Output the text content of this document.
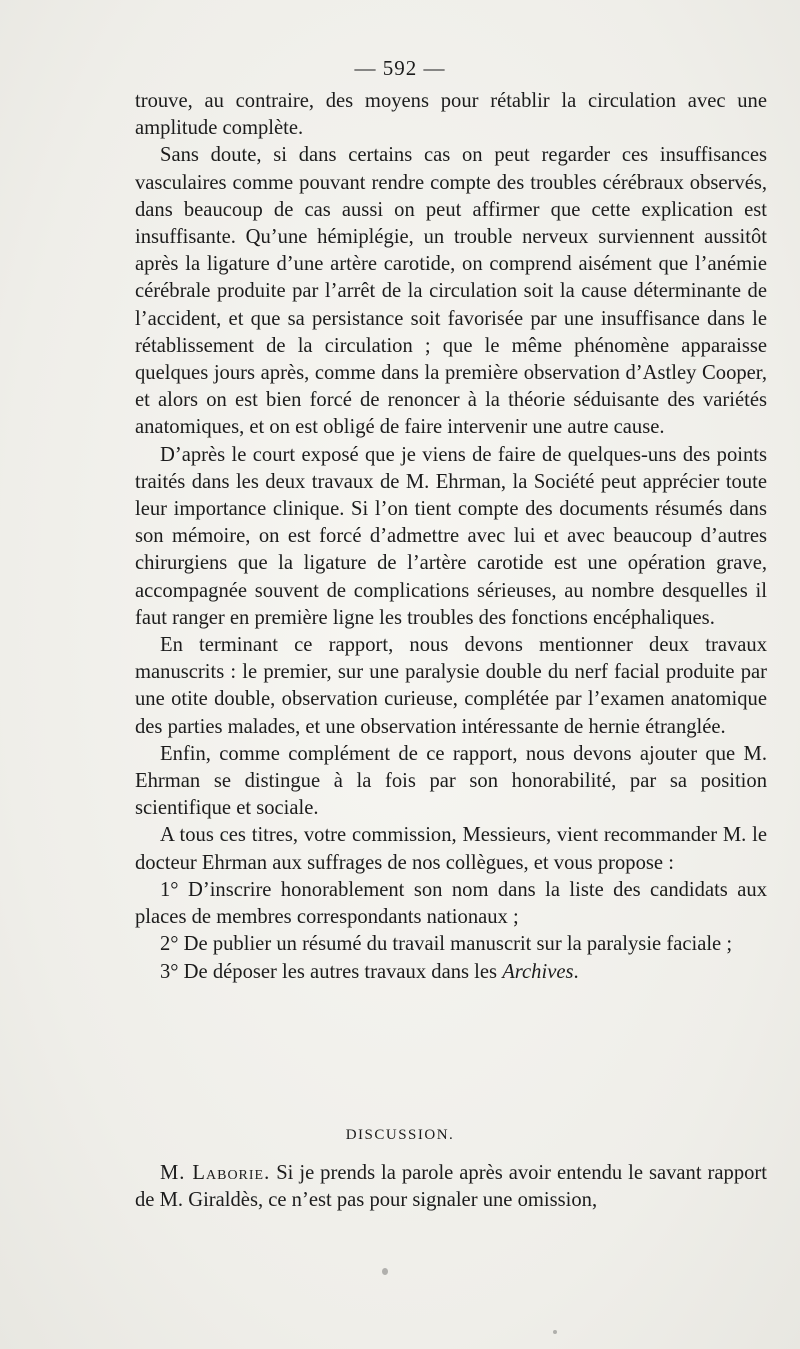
— 592 —

trouve, au contraire, des moyens pour rétablir la circulation avec une amplitude complète.

Sans doute, si dans certains cas on peut regarder ces insuffisances vasculaires comme pouvant rendre compte des troubles cérébraux observés, dans beaucoup de cas aussi on peut affirmer que cette explication est insuffisante. Qu’une hémiplégie, un trouble nerveux surviennent aussitôt après la ligature d’une artère carotide, on comprend aisément que l’anémie cérébrale produite par l’arrêt de la circulation soit la cause déterminante de l’accident, et que sa persistance soit favorisée par une insuffisance dans le rétablissement de la circulation ; que le même phénomène apparaisse quelques jours après, comme dans la première observation d’Astley Cooper, et alors on est bien forcé de renoncer à la théorie séduisante des variétés anatomiques, et on est obligé de faire intervenir une autre cause.

D’après le court exposé que je viens de faire de quelques-uns des points traités dans les deux travaux de M. Ehrman, la Société peut apprécier toute leur importance clinique. Si l’on tient compte des documents résumés dans son mémoire, on est forcé d’admettre avec lui et avec beaucoup d’autres chirurgiens que la ligature de l’artère carotide est une opération grave, accompagnée souvent de complications sérieuses, au nombre desquelles il faut ranger en première ligne les troubles des fonctions encéphaliques.

En terminant ce rapport, nous devons mentionner deux travaux manuscrits : le premier, sur une paralysie double du nerf facial produite par une otite double, observation curieuse, complétée par l’examen anatomique des parties malades, et une observation intéressante de hernie étranglée.

Enfin, comme complément de ce rapport, nous devons ajouter que M. Ehrman se distingue à la fois par son honorabilité, par sa position scientifique et sociale.

A tous ces titres, votre commission, Messieurs, vient recommander M. le docteur Ehrman aux suffrages de nos collègues, et vous propose :

1° D’inscrire honorablement son nom dans la liste des candidats aux places de membres correspondants nationaux ;

2° De publier un résumé du travail manuscrit sur la paralysie faciale ;

3° De déposer les autres travaux dans les Archives.

DISCUSSION.

M. Laborie. Si je prends la parole après avoir entendu le savant rapport de M. Giraldès, ce n’est pas pour signaler une omission,
